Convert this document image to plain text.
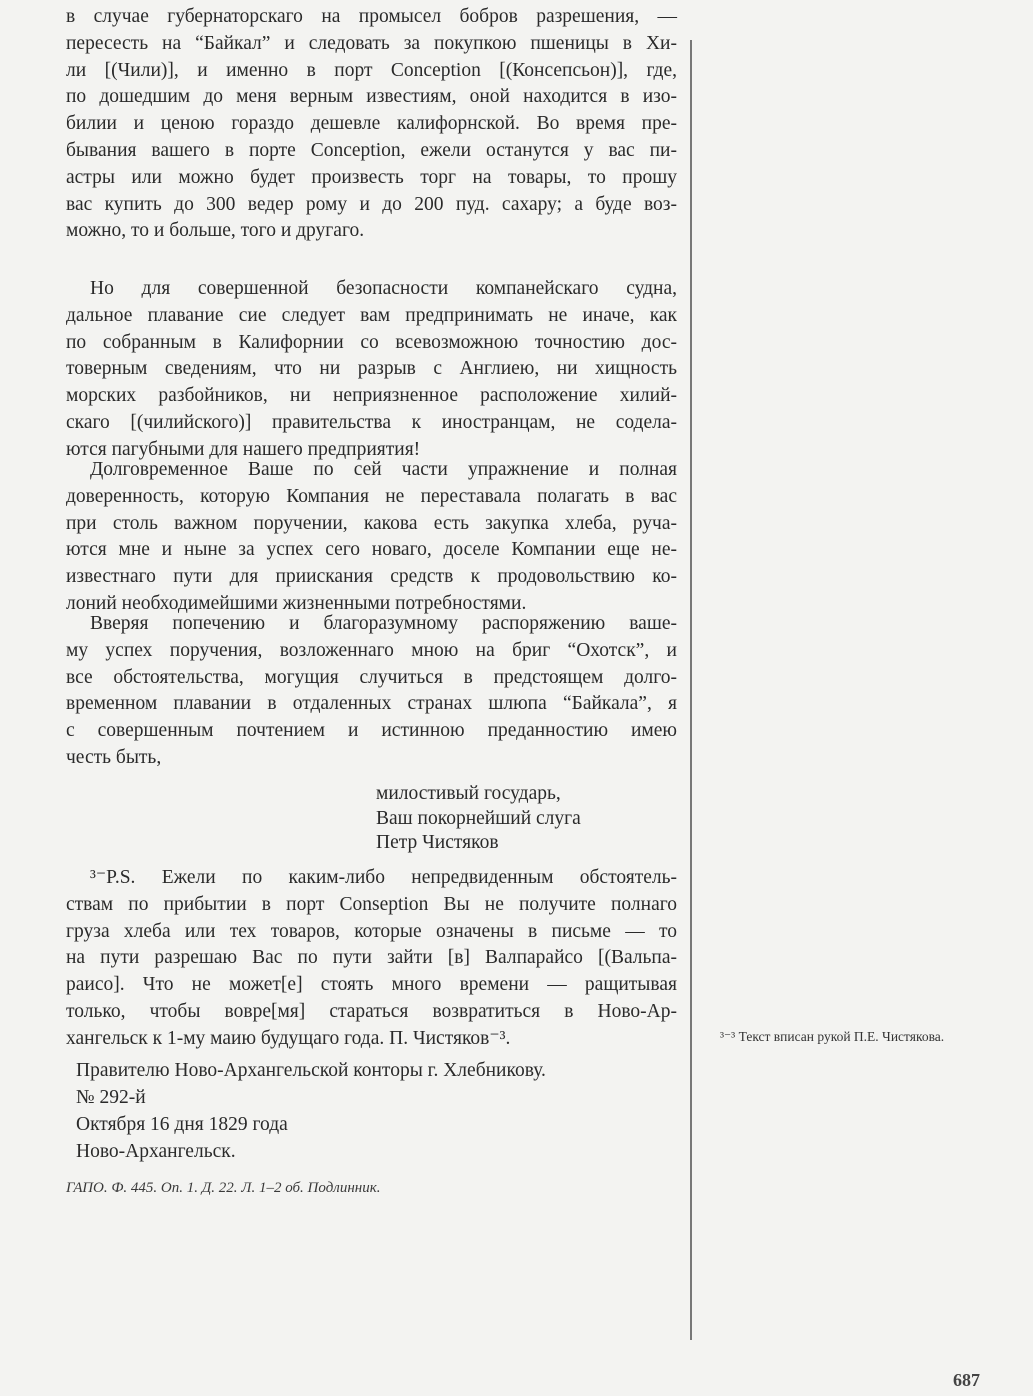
в случае губернаторскаго на промысел бобров разрешения, —
пересесть на “Байкал” и следовать за покупкою пшеницы в Хи-
ли [(Чили)], и именно в порт Conception [(Консепсьон)], где,
по дошедшим до меня верным известиям, оной находится в изо-
билии и ценою гораздо дешевле калифорнской. Во время пре-
бывания вашего в порте Conception, ежели останутся у вас пи-
астры или можно будет произвесть торг на товары, то прошу
вас купить до 300 ведер рому и до 200 пуд. сахару; а буде воз-
можно, то и больше, того и другаго.
Но для совершенной безопасности компанейскаго судна,
дальное плавание сие следует вам предпринимать не иначе, как
по собранным в Калифорнии со всевозможною точностию дос-
товерным сведениям, что ни разрыв с Англиею, ни хищность
морских разбойников, ни неприязненное расположение хилий-
скаго [(чилийского)] правительства к иностранцам, не содела-
ются пагубными для нашего предприятия!
Долговременное Ваше по сей части упражнение и полная
доверенность, которую Компания не переставала полагать в вас
при столь важном поручении, какова есть закупка хлеба, руча-
ются мне и ныне за успех сего новаго, доселе Компании еще не-
известнаго пути для приискания средств к продовольствию ко-
лоний необходимейшими жизненными потребностями.
Вверяя попечению и благоразумному распоряжению ваше-
му успех поручения, возложеннаго мною на бриг “Охотск”, и
все обстоятельства, могущия случиться в предстоящем долго-
временном плавании в отдаленных странах шлюпа “Байкала”, я
с совершенным почтением и истинною преданностию имею
честь быть,
милостивый государь,
Ваш покорнейший слуга
Петр Чистяков
³⁻P.S. Ежели по каким-либо непредвиденным обстоятель-
ствам по прибытии в порт Conseption Вы не получите полнаго
груза хлеба или тех товаров, которые означены в письме — то
на пути разрешаю Вас по пути зайти [в] Валпарайсо [(Вальпа-
раисо]. Что не может[е] стоять много времени — ращитывая
только, чтобы вовре[мя] стараться возвратиться в Ново-Ар-
хангельск к 1-му маию будущаго года. П. Чистяков⁻³.
Правителю Ново-Архангельской конторы г. Хлебникову.
№ 292-й
Октября 16 дня 1829 года
Ново-Архангельск.
ГАПО. Ф. 445. Оп. 1. Д. 22. Л. 1–2 об. Подлинник.
³⁻³ Текст вписан рукой П.Е. Чистякова.
687
